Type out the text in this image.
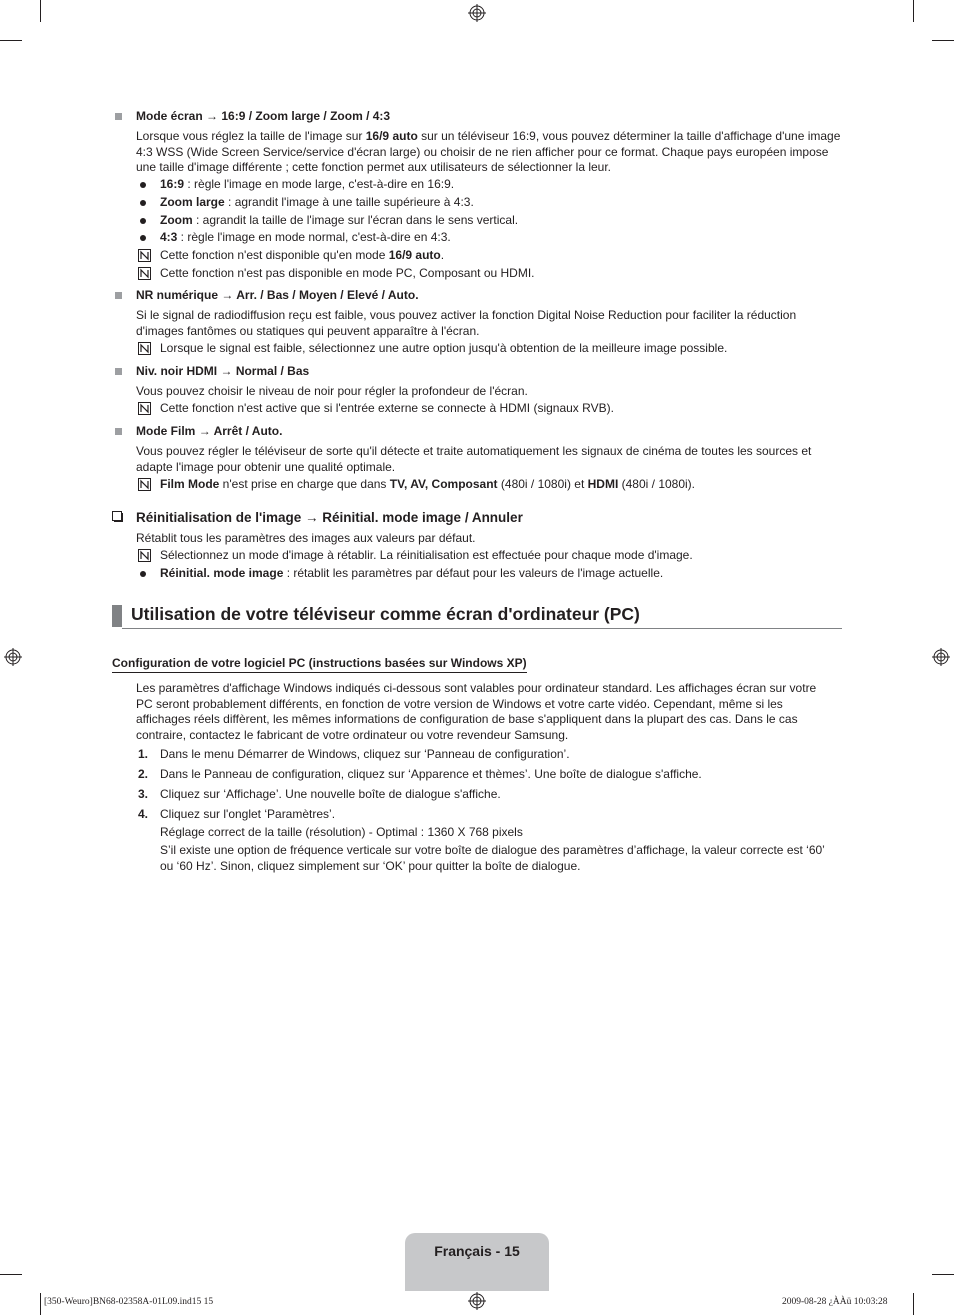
Mode écran → 16:9 / Zoom large / Zoom / 4:3
Lorsque vous réglez la taille de l'image sur 16/9 auto sur un téléviseur 16:9, vous pouvez déterminer la taille d'affichage d'une image 4:3 WSS (Wide Screen Service/service d'écran large) ou choisir de ne rien afficher pour ce format. Chaque pays européen impose une taille d'image différente ; cette fonction permet aux utilisateurs de sélectionner la leur.
16:9 : règle l'image en mode large, c'est-à-dire en 16:9.
Zoom large : agrandit l'image à une taille supérieure à 4:3.
Zoom : agrandit la taille de l'image sur l'écran dans le sens vertical.
4:3 : règle l'image en mode normal, c'est-à-dire en 4:3.
Cette fonction n'est disponible qu'en mode 16/9 auto.
Cette fonction n'est pas disponible en mode PC, Composant ou HDMI.
NR numérique → Arr. / Bas / Moyen / Elevé / Auto.
Si le signal de radiodiffusion reçu est faible, vous pouvez activer la fonction Digital Noise Reduction pour faciliter la réduction d'images fantômes ou statiques qui peuvent apparaître à l'écran.
Lorsque le signal est faible, sélectionnez une autre option jusqu'à obtention de la meilleure image possible.
Niv. noir HDMI → Normal / Bas
Vous pouvez choisir le niveau de noir pour régler la profondeur de l'écran.
Cette fonction n'est active que si l'entrée externe se connecte à HDMI (signaux RVB).
Mode Film → Arrêt / Auto.
Vous pouvez régler le téléviseur de sorte qu'il détecte et traite automatiquement les signaux de cinéma de toutes les sources et adapte l'image pour obtenir une qualité optimale.
Film Mode n'est prise en charge que dans TV, AV, Composant (480i / 1080i) et HDMI (480i / 1080i).
Réinitialisation de l'image → Réinitial. mode image / Annuler
Rétablit tous les paramètres des images aux valeurs par défaut.
Sélectionnez un mode d'image à rétablir. La réinitialisation est effectuée pour chaque mode d'image.
Réinitial. mode image : rétablit les paramètres par défaut pour les valeurs de l'image actuelle.
Utilisation de votre téléviseur comme écran d'ordinateur (PC)
Configuration de votre logiciel PC (instructions basées sur Windows XP)
Les paramètres d'affichage Windows indiqués ci-dessous sont valables pour ordinateur standard. Les affichages écran sur votre PC seront probablement différents, en fonction de votre version de Windows et votre carte vidéo. Cependant, même si les affichages réels diffèrent, les mêmes informations de configuration de base s'appliquent dans la plupart des cas. Dans le cas contraire, contactez le fabricant de votre ordinateur ou votre revendeur Samsung.
1. Dans le menu Démarrer de Windows, cliquez sur ‘Panneau de configuration’.
2. Dans le Panneau de configuration, cliquez sur ‘Apparence et thèmes’. Une boîte de dialogue s'affiche.
3. Cliquez sur ‘Affichage’. Une nouvelle boîte de dialogue s'affiche.
4. Cliquez sur l'onglet ‘Paramètres’.
Réglage correct de la taille (résolution) - Optimal : 1360 X 768 pixels
S’il existe une option de fréquence verticale sur votre boîte de dialogue des paramètres d’affichage, la valeur correcte est ‘60’ ou ‘60 Hz’. Sinon, cliquez simplement sur ‘OK’ pour quitter la boîte de dialogue.
Français - 15
[350-Weuro]BN68-02358A-01L09.ind15 15	2009-08-28 ¿ÀÀü 10:03:28
